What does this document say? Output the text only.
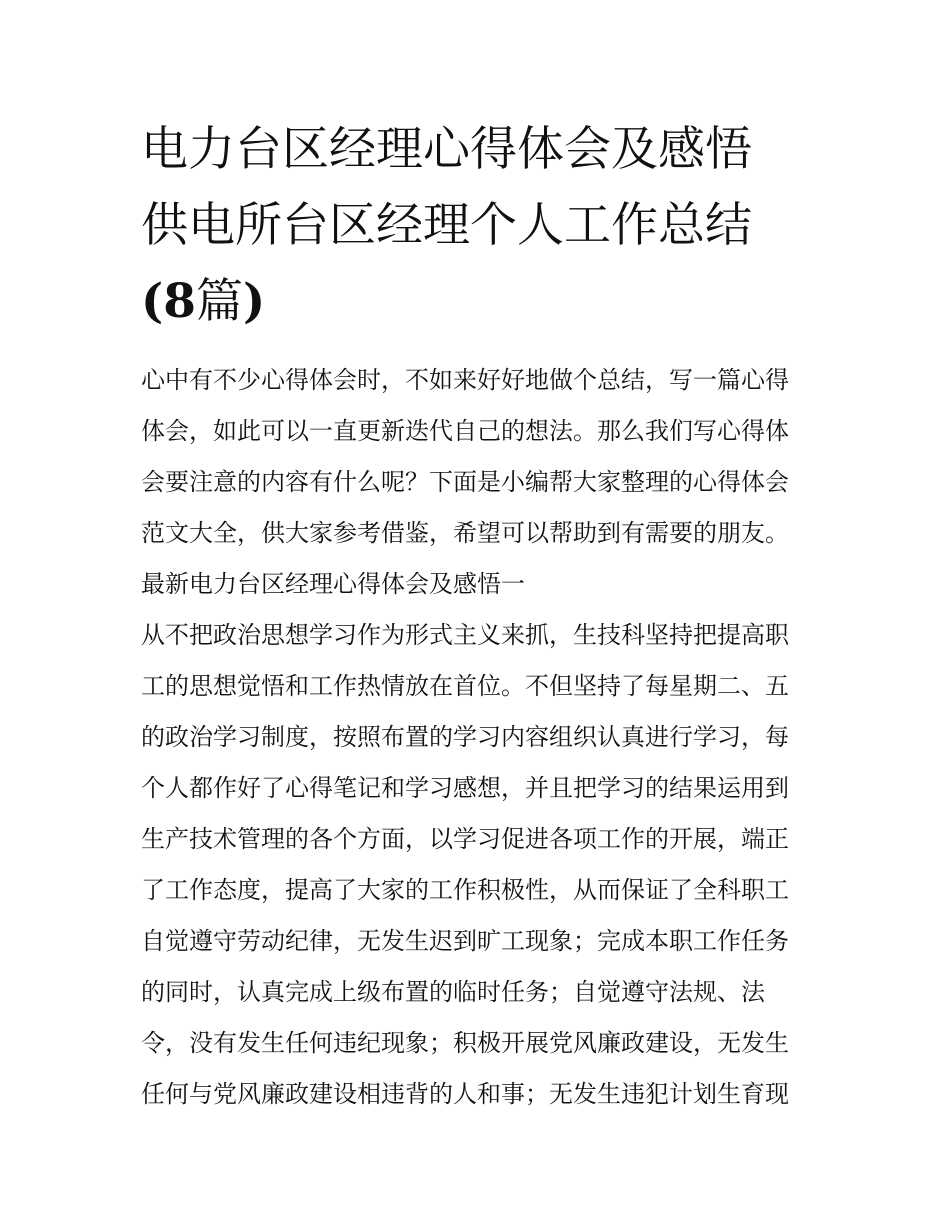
电力台区经理心得体会及感悟
供电所台区经理个人工作总结
(8篇)
心中有不少心得体会时，不如来好好地做个总结，写一篇心得
体会，如此可以一直更新迭代自己的想法。那么我们写心得体
会要注意的内容有什么呢？下面是小编帮大家整理的心得体会
范文大全，供大家参考借鉴，希望可以帮助到有需要的朋友。
最新电力台区经理心得体会及感悟一
从不把政治思想学习作为形式主义来抓，生技科坚持把提高职
工的思想觉悟和工作热情放在首位。不但坚持了每星期二、五
的政治学习制度，按照布置的学习内容组织认真进行学习，每
个人都作好了心得笔记和学习感想，并且把学习的结果运用到
生产技术管理的各个方面，以学习促进各项工作的开展，端正
了工作态度，提高了大家的工作积极性，从而保证了全科职工
自觉遵守劳动纪律，无发生迟到旷工现象；完成本职工作任务
的同时，认真完成上级布置的临时任务；自觉遵守法规、法
令，没有发生任何违纪现象；积极开展党风廉政建设，无发生
任何与党风廉政建设相违背的人和事；无发生违犯计划生育现
